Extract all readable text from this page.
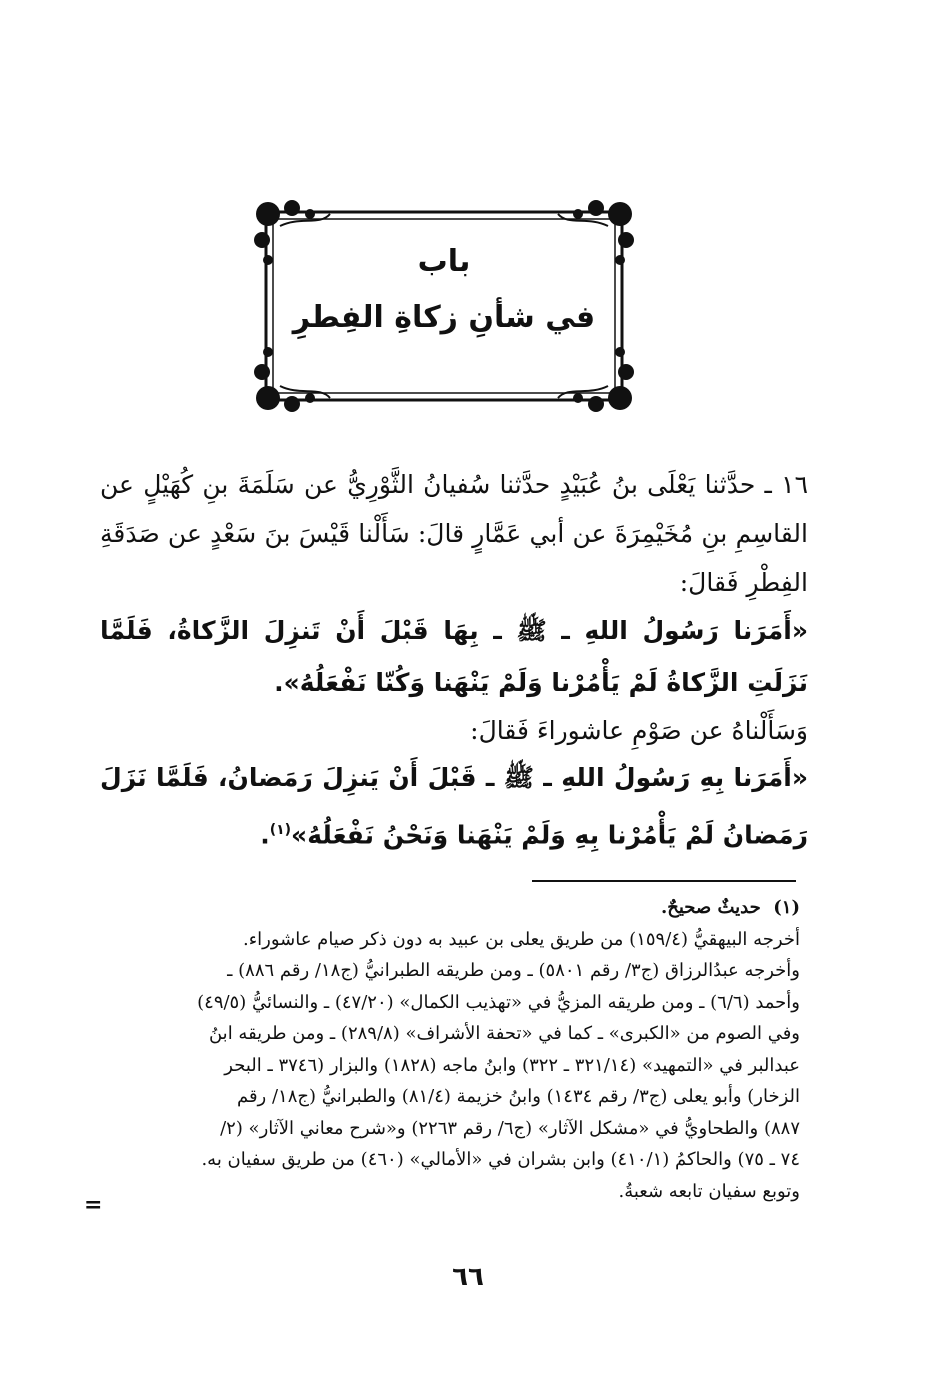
باب
في شأنِ زكاةِ الفِطرِ
١٦ ـ حدَّثنا يَعْلَى بنُ عُبَيْدٍ حدَّثنا سُفيانُ الثَّوْرِيُّ عن سَلَمَةَ بنِ كُهَيْلٍ عن القاسِمِ بنِ مُخَيْمِرَةَ عن أبي عَمَّارٍ قالَ: سَأَلْنا قَيْسَ بنَ سَعْدٍ عن صَدَقَةِ الفِطْرِ فَقالَ:
«أَمَرَنا رَسُولُ اللهِ ـ ﷺ ـ بِهَا قَبْلَ أَنْ تَنزِلَ الزَّكاةُ، فَلَمَّا نَزَلَتِ الزَّكاةُ لَمْ يَأْمُرْنا وَلَمْ يَنْهَنا وَكُنّا نَفْعَلُهُ».
وَسَأَلْناهُ عن صَوْمِ عاشوراءَ فَقالَ:
«أَمَرَنا بِهِ رَسُولُ اللهِ ـ ﷺ ـ قَبْلَ أَنْ يَنزِلَ رَمَضانُ، فَلَمَّا نَزَلَ رَمَضانُ لَمْ يَأْمُرْنا بِهِ وَلَمْ يَنْهَنا وَنَحْنُ نَفْعَلُهُ»$^{(١)}$.
(١)  حديثٌ صحيحٌ.
أخرجه البيهقيُّ (١٥٩/٤) من طريق يعلى بن عبيد به دون ذكر صيام عاشوراء.
وأخرجه عبدُالرزاق (ج٣/ رقم ٥٨٠١) ـ ومن طريقه الطبرانيُّ (ج١٨/ رقم ٨٨٦) ـ
وأحمد (٦/٦) ـ ومن طريقه المزيُّ في «تهذيب الكمال» (٤٧/٢٠) ـ والنسائيُّ (٤٩/٥)
وفي الصوم من «الكبرى» ـ كما في «تحفة الأشراف» (٢٨٩/٨) ـ ومن طريقه ابنُ
عبدالبر في «التمهيد» (٣٢١/١٤ ـ ٣٢٢) وابنُ ماجه (١٨٢٨) والبزار (٣٧٤٦ ـ البحر
الزخار) وأبو يعلى (ج٣/ رقم ١٤٣٤) وابنُ خزيمة (٨١/٤) والطبرانيُّ (ج١٨/ رقم
٨٨٧) والطحاويُّ في «مشكل الآثار» (ج٦/ رقم ٢٢٦٣) و«شرح معاني الآثار» (٢/
٧٤ ـ ٧٥) والحاكمُ (٤١٠/١) وابن بشران في «الأمالي» (٤٦٠) من طريق سفيان به.
وتوبع سفيان تابعه شعبةُ.
=
٦٦
